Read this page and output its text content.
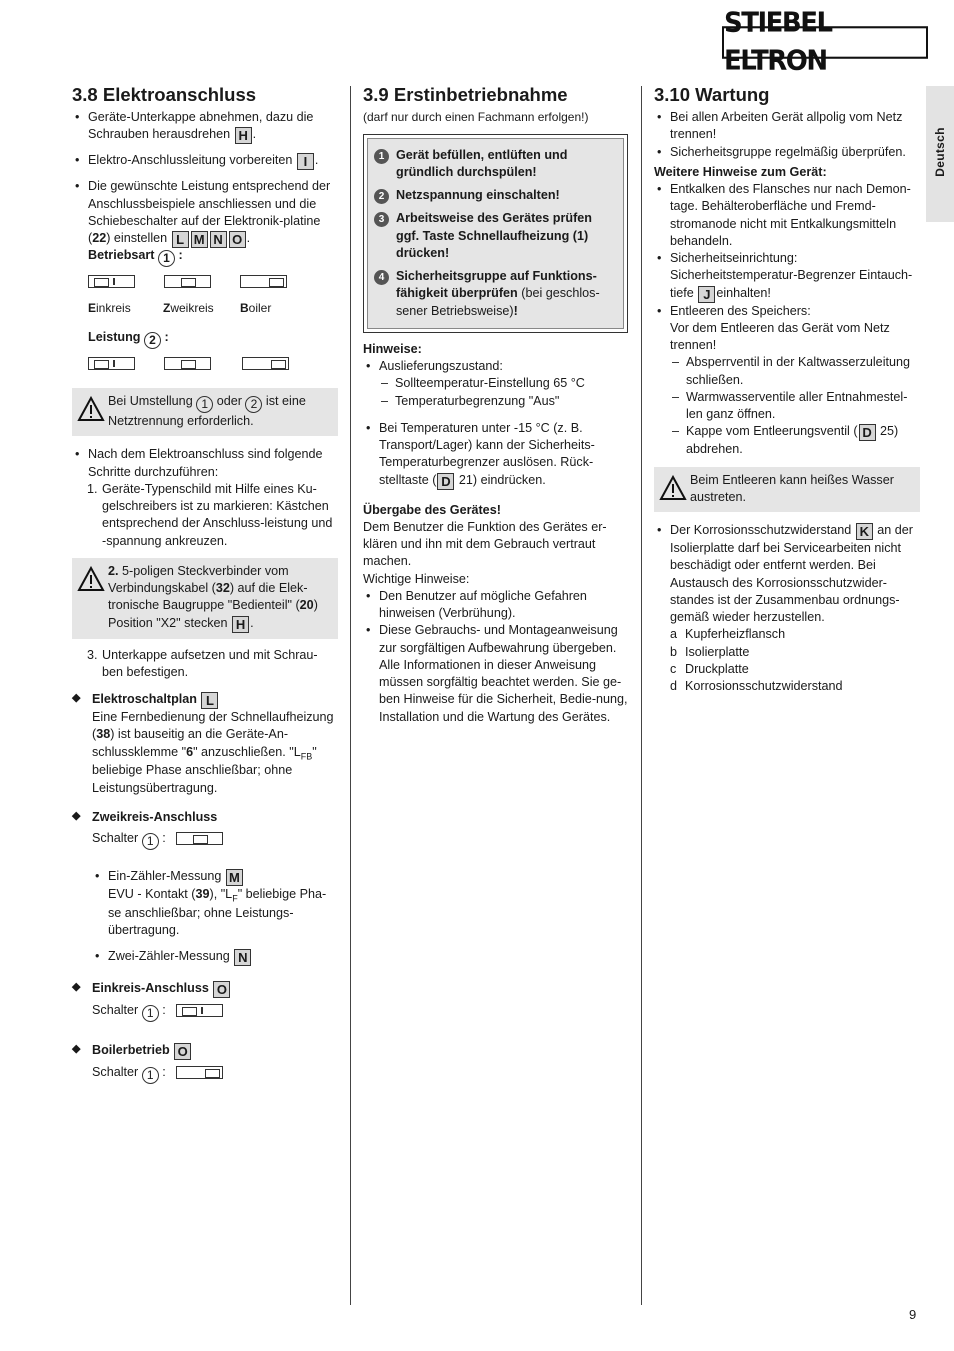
STIEBEL ELTRON
Deutsch
9
3.8 Elektroanschluss
• Geräte-Unterkappe abnehmen, dazu die Schrauben herausdrehen H .
• Elektro-Anschlussleitung vorbereiten I .
• Die gewünschte Leistung entsprechend der Anschlussbeispiele anschliessen und die Schiebeschalter auf der Elektronik-platine (22) einstellen L M N O .
Betriebsart 1 :
Einkreis	Zweikreis	Boiler
Leistung 2 :
Bei Umstellung 1 oder 2 ist eine Netztrennung erforderlich.
• Nach dem Elektroanschluss sind folgende Schritte durchzuführen:
1. Geräte-Typenschild mit Hilfe eines Ku-gelschreibers ist zu markieren: Kästchen entsprechend der Anschluss-leistung und -spannung ankreuzen.
2. 5-poligen Steckverbinder vom Verbindungskabel (32) auf die Elek-tronische Baugruppe "Bedienteil" (20) Position "X2" stecken H .
3. Unterkappe aufsetzen und mit Schrau-ben befestigen.
◆ Elektroschaltplan L
Eine Fernbedienung der Schnellaufheizung (38) ist bauseitig an die Geräte-An-schlussklemme "6" anzuschließen. "$L_{FB}$" beliebige Phase anschließbar; ohne Leistungsübertragung.
◆ Zweikreis-Anschluss
Schalter 1 :
• Ein-Zähler-Messung M
EVU - Kontakt (39), "$L_F$" beliebige Pha-se anschließbar; ohne Leistungs-übertragung.
• Zwei-Zähler-Messung N
◆ Einkreis-Anschluss O
Schalter 1 :
◆ Boilerbetrieb O
Schalter 1 :
3.9 Erstinbetriebnahme
(darf nur durch einen Fachmann erfolgen!)
1 Gerät befüllen, entlüften und gründlich durchspülen!
2 Netzspannung einschalten!
3 Arbeitsweise des Gerätes prüfen ggf. Taste Schnellaufheizung (1) drücken!
4 Sicherheitsgruppe auf Funktions-fähigkeit überprüfen (bei geschlos-sener Betriebsweise)!
Hinweise:
• Auslieferungszustand:
– Sollteemperatur-Einstellung 65 °C
– Temperaturbegrenzung "Aus"
• Bei Temperaturen unter -15 °C (z. B. Transport/Lager) kann der Sicherheits-Temperaturbegrenzer auslösen. Rück-stelltaste ( D 21) eindrücken.
Übergabe des Gerätes!
Dem Benutzer die Funktion des Gerätes er-klären und ihn mit dem Gebrauch vertraut machen.
Wichtige Hinweise:
• Den Benutzer auf mögliche Gefahren hinweisen (Verbrühung).
• Diese Gebrauchs- und Montageanweisung zur sorgfältigen Aufbewahrung übergeben. Alle Informationen in dieser Anweisung müssen sorgfältig beachtet werden. Sie ge-ben Hinweise für die Sicherheit, Bedie-nung, Installation und die Wartung des Gerätes.
3.10 Wartung
• Bei allen Arbeiten Gerät allpolig vom Netz trennen!
• Sicherheitsgruppe regelmäßig überprüfen.
Weitere Hinweise zum Gerät:
• Entkalken des Flansches nur nach Demon-tage. Behälteroberfläche und Fremd-stromanode nicht mit Entkalkungsmitteln behandeln.
• Sicherheitseinrichtung:
Sicherheitstemperatur-Begrenzer Eintauch-tiefe J einhalten!
• Entleeren des Speichers:
Vor dem Entleeren das Gerät vom Netz trennen!
– Absperrventil in der Kaltwasserzuleitung schließen.
– Warmwasserventile aller Entnahmestel-len ganz öffnen.
– Kappe vom Entleerungsventil ( D 25) abdrehen.
Beim Entleeren kann heißes Wasser austreten.
• Der Korrosionsschutzwiderstand K an der Isolierplatte darf bei Servicearbeiten nicht beschädigt oder entfernt werden. Bei Austausch des Korrosionsschutzwider-standes ist der Zusammenbau ordnungs-gemäß wieder herzustellen.
a Kupferheizflansch
b Isolierplatte
c Druckplatte
d Korrosionsschutzwiderstand
